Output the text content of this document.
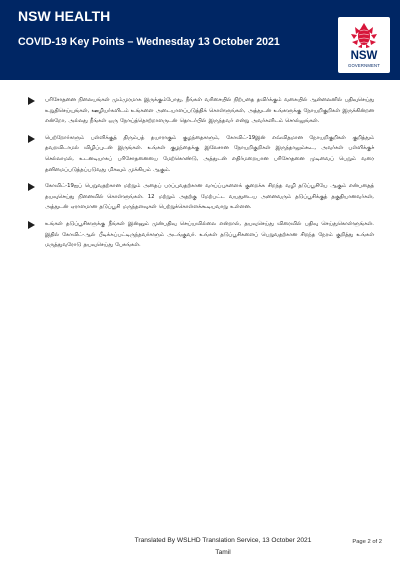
NSW HEALTH
COVID-19 Key Points – Wednesday 13 October 2021
NSW
GOVERNMENT
பரிசோதனை நிலையங்கள் மும்முரமாக இருக்கும்போது, நீங்கள் வரிசையில் நிற்பதை தவிர்க்கும் வகையில் ஆன்லைனில் பதிவுசெய்து உறுதிசெய்யுங்கள், ஊழியர்களிடம் உங்களை அடையாளப்படுத்திக் கொள்ளுங்கள், அத்துடன் உங்களுக்கு நோயறிகுறிகள் இருக்கின்றன என்றோ, அல்லது நீங்கள் ஒரு நோய்த்தொற்றாளருடன் தொடர்பில் இருந்தவர் என்று அவர்களிடம் சொல்லுங்கள்.
பெற்றோர்களும் பள்ளிக்குத் திரும்பத் தயாராகும் குழந்தைகளும், கோவிட்-19இன் எவ்விதமான நோயறிகுறிகள் குறித்தும் தவறவிடாமல் விழிப்புடன் இருங்கள். உங்கள் குழந்தைக்கு இலேசான நோயறிகுறிகள் இருந்தாலும்கூட, அவர்கள் பள்ளிக்குச் செல்லாமல், உடனடியாகப் பரிசோதனையை மேற்கொண்டு, அத்துடன் எதிர்மறையான பரிசோதனை முடிவைப் பெறும் வரை தனிமைப்படுத்தப்படுவது மிகவும் முக்கியம் ஆகும்.
கோவிட்-19ஐப் பெறுவதற்கான மற்றும் அதைப் பரப்புவதற்கான வாய்ப்புகளைக் குறைக்க சிறந்த வழி தடுப்பூசியே ஆகும் என்பதைத் தயவுசெய்து நினைவில் கொள்ளுங்கள். 12 மற்றும் அதற்கு மேற்பட்ட வயதுடைய அனைவரும் தடுப்பூசிக்குத் தகுதியானவர்கள், அத்துடன் ஏராளமான தடுப்பூசி மருந்தளவுகள் பெற்றுக்கொள்ளக்கூடியவாறு உள்ளன.
உங்கள் தடுப்பூசிகளுக்கு நீங்கள் இன்னும் முன்பதிவு செய்யவில்லை என்றால், தயவுசெய்து விரைவில் பதிவு செய்துகொள்ளுங்கள். இதில் கோவிட்-ஆல் பீடிக்கப்பட்டிருந்தவர்களும் அடங்குவர். உங்கள் தடுப்பூசிகளைப் பெறுவதற்கான சிறந்த நேரம் குறித்து உங்கள் மருத்துவரோடு தயவுசெய்து பேசுங்கள்.
Translated By WSLHD Translation Service, 13 October 2021
Tamil
Page 2 of 2
